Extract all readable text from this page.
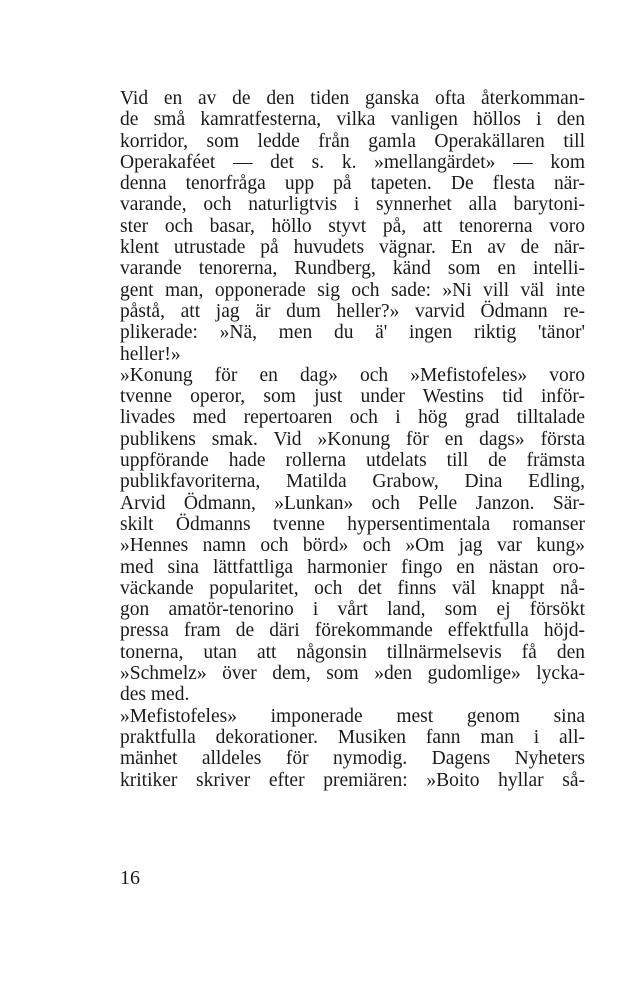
Vid en av de den tiden ganska ofta återkomman-
de små kamratfesterna, vilka vanligen höllos i den
korridor, som ledde från gamla Operakällaren till
Operakaféet — det s. k. »mellangärdet» — kom
denna tenorfråga upp på tapeten. De flesta när-
varande, och naturligtvis i synnerhet alla barytoni-
ster och basar, höllo styvt på, att tenorerna voro
klent utrustade på huvudets vägnar. En av de när-
varande tenorerna, Rundberg, känd som en intelli-
gent man, opponerade sig och sade: »Ni vill väl inte
påstå, att jag är dum heller?» varvid Ödmann re-
plikerade: »Nä, men du ä' ingen riktig 'tänor'
heller!»
»Konung för en dag» och »Mefistofeles» voro
tvenne operor, som just under Westins tid inför-
livades med repertoaren och i hög grad tilltalade
publikens smak. Vid »Konung för en dags» första
uppförande hade rollerna utdelats till de främsta
publikfavoriterna, Matilda Grabow, Dina Edling,
Arvid Ödmann, »Lunkan» och Pelle Janzon. Sär-
skilt Ödmanns tvenne hypersentimentala romanser
»Hennes namn och börd» och »Om jag var kung»
med sina lättfattliga harmonier fingo en nästan oro-
väckande popularitet, och det finns väl knappt nå-
gon amatör-tenorino i vårt land, som ej försökt
pressa fram de däri förekommande effektfulla höjd-
tonerna, utan att någonsin tillnärmelsevis få den
»Schmelz» över dem, som »den gudomlige» lycka-
des med.
»Mefistofeles» imponerade mest genom sina
praktfulla dekorationer. Musiken fann man i all-
mänhet alldeles för nymodig. Dagens Nyheters
kritiker skriver efter premiären: »Boito hyllar så-
16
